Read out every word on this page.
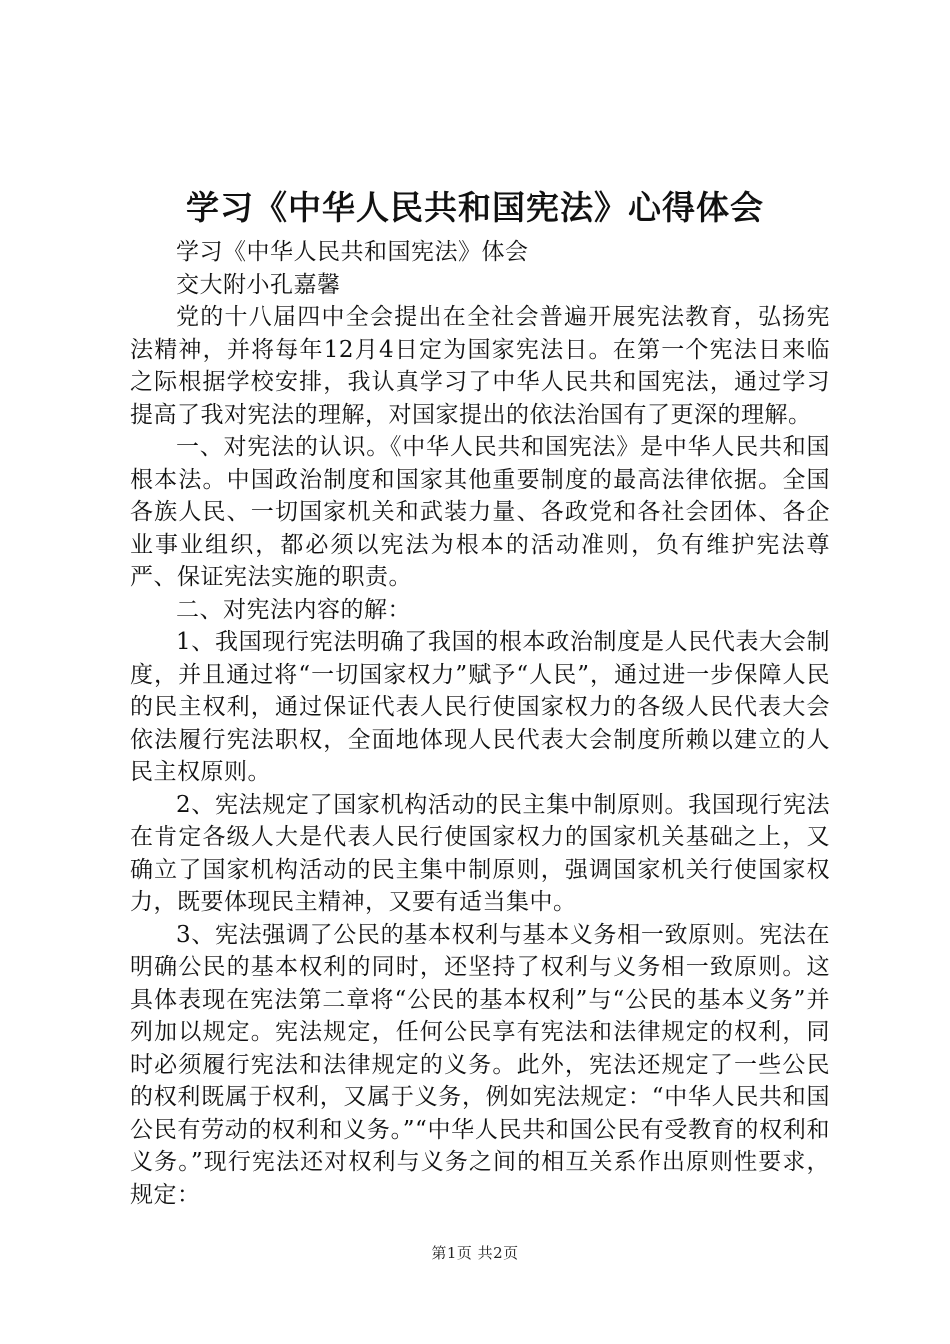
学习《中华人民共和国宪法》心得体会

学习《中华人民共和国宪法》体会

交大附小孔嘉馨

党的十八届四中全会提出在全社会普遍开展宪法教育，弘扬宪法精神，并将每年12月4日定为国家宪法日。在第一个宪法日来临之际根据学校安排，我认真学习了中华人民共和国宪法，通过学习提高了我对宪法的理解，对国家提出的依法治国有了更深的理解。

一、对宪法的认识。《中华人民共和国宪法》是中华人民共和国根本法。中国政治制度和国家其他重要制度的最高法律依据。全国各族人民、一切国家机关和武装力量、各政党和各社会团体、各企业事业组织，都必须以宪法为根本的活动准则，负有维护宪法尊严、保证宪法实施的职责。

二、对宪法内容的解：

1、我国现行宪法明确了我国的根本政治制度是人民代表大会制度，并且通过将“一切国家权力”赋予“人民”，通过进一步保障人民的民主权利，通过保证代表人民行使国家权力的各级人民代表大会依法履行宪法职权，全面地体现人民代表大会制度所赖以建立的人民主权原则。

2、宪法规定了国家机构活动的民主集中制原则。我国现行宪法在肯定各级人大是代表人民行使国家权力的国家机关基础之上，又确立了国家机构活动的民主集中制原则，强调国家机关行使国家权力，既要体现民主精神，又要有适当集中。

3、宪法强调了公民的基本权利与基本义务相一致原则。宪法在明确公民的基本权利的同时，还坚持了权利与义务相一致原则。这具体表现在宪法第二章将“公民的基本权利”与“公民的基本义务”并列加以规定。宪法规定，任何公民享有宪法和法律规定的权利，同时必须履行宪法和法律规定的义务。此外，宪法还规定了一些公民的权利既属于权利，又属于义务，例如宪法规定：“中华人民共和国公民有劳动的权利和义务。”“中华人民共和国公民有受教育的权利和义务。”现行宪法还对权利与义务之间的相互关系作出原则性要求，规定：

第1页 共2页
